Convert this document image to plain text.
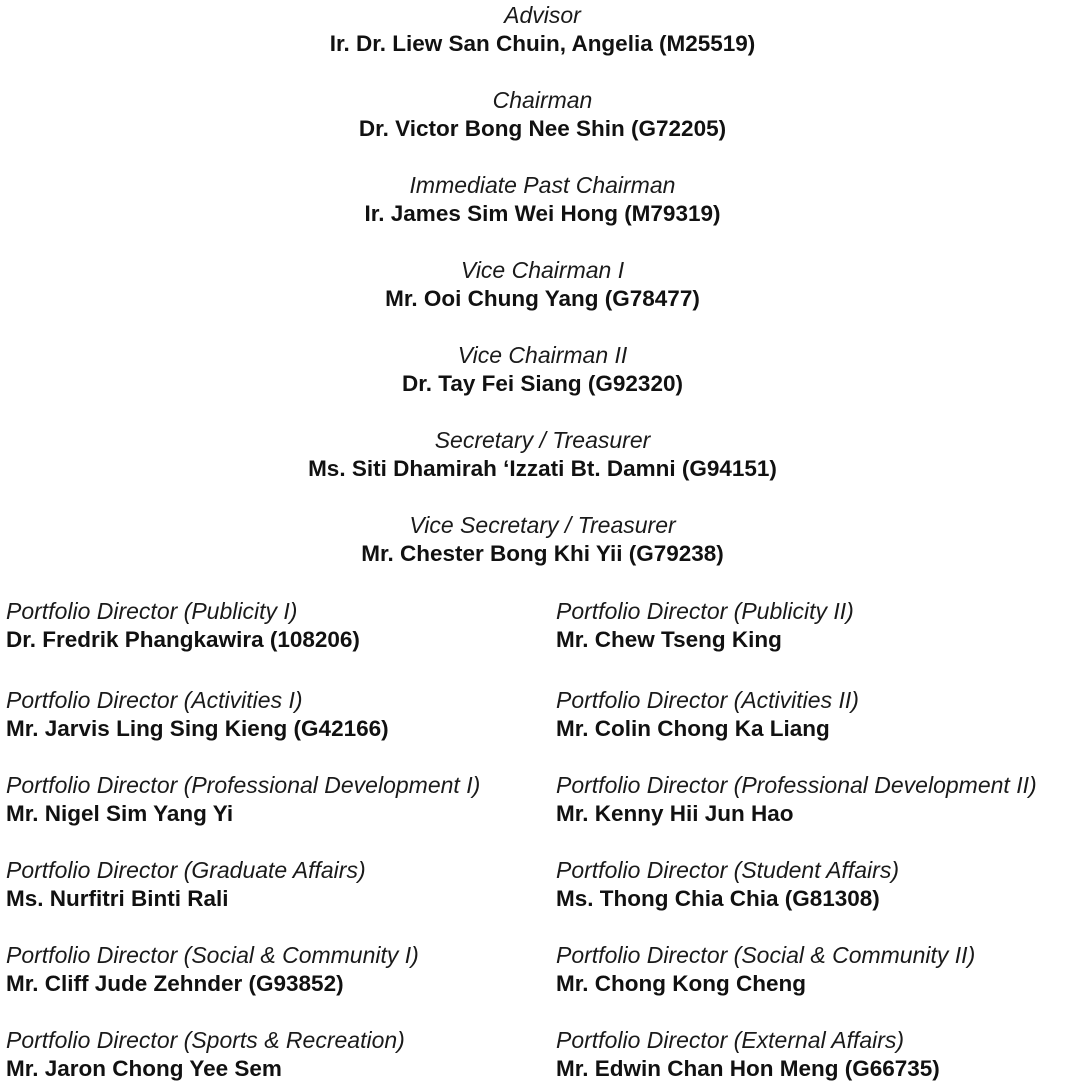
Advisor
Ir. Dr. Liew San Chuin, Angelia (M25519)
Chairman
Dr. Victor Bong Nee Shin (G72205)
Immediate Past Chairman
Ir. James Sim Wei Hong (M79319)
Vice Chairman I
Mr. Ooi Chung Yang (G78477)
Vice Chairman II
Dr. Tay Fei Siang (G92320)
Secretary / Treasurer
Ms. Siti Dhamirah ‘Izzati Bt. Damni (G94151)
Vice Secretary / Treasurer
Mr. Chester Bong Khi Yii (G79238)
Portfolio Director (Publicity I)
Dr. Fredrik Phangkawira (108206)
Portfolio Director (Activities I)
Mr. Jarvis Ling Sing Kieng (G42166)
Portfolio Director (Professional Development I)
Mr. Nigel Sim Yang Yi
Portfolio Director (Graduate Affairs)
Ms. Nurfitri Binti Rali
Portfolio Director (Social & Community I)
Mr. Cliff Jude Zehnder (G93852)
Portfolio Director (Sports & Recreation)
Mr. Jaron Chong Yee Sem
Portfolio Director (Publicity II)
Mr. Chew Tseng King
Portfolio Director (Activities II)
Mr. Colin Chong Ka Liang
Portfolio Director (Professional Development II)
Mr. Kenny Hii Jun Hao
Portfolio Director (Student Affairs)
Ms. Thong Chia Chia (G81308)
Portfolio Director (Social & Community II)
Mr. Chong Kong Cheng
Portfolio Director (External Affairs)
Mr. Edwin Chan Hon Meng (G66735)
